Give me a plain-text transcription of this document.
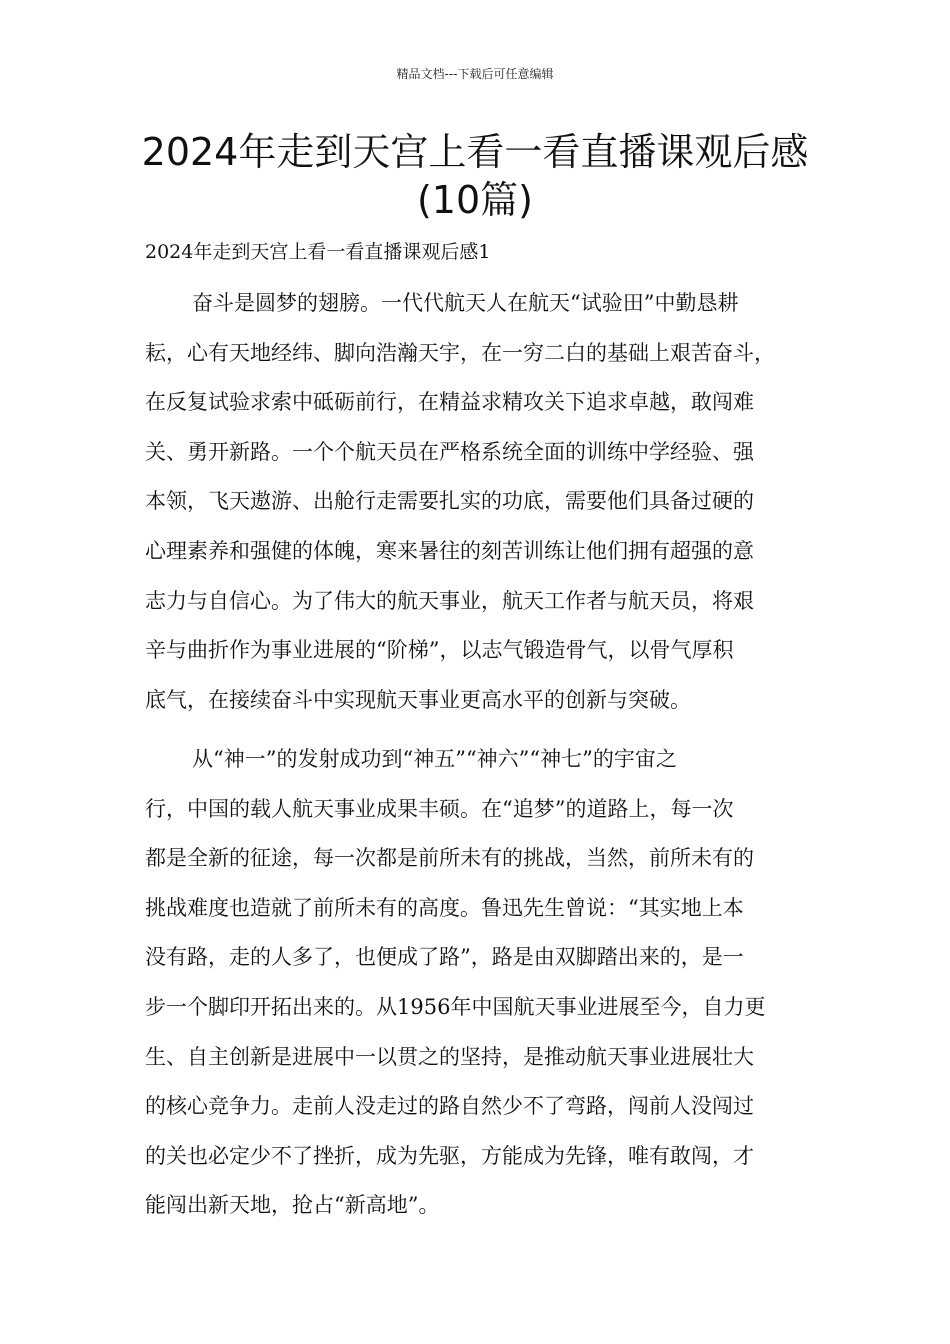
精品文档---下载后可任意编辑
2024年走到天宫上看一看直播课观后感
(10篇)
2024年走到天宫上看一看直播课观后感1
奋斗是圆梦的翅膀。一代代航天人在航天“试验田”中勤恳耕
耘，心有天地经纬、脚向浩瀚天宇，在一穷二白的基础上艰苦奋斗，
在反复试验求索中砥砺前行，在精益求精攻关下追求卓越，敢闯难
关、勇开新路。一个个航天员在严格系统全面的训练中学经验、强
本领，飞天遨游、出舱行走需要扎实的功底，需要他们具备过硬的
心理素养和强健的体魄，寒来暑往的刻苦训练让他们拥有超强的意
志力与自信心。为了伟大的航天事业，航天工作者与航天员，将艰
辛与曲折作为事业进展的“阶梯”，以志气锻造骨气，以骨气厚积
底气，在接续奋斗中实现航天事业更高水平的创新与突破。
从“神一”的发射成功到“神五”“神六”“神七”的宇宙之
行，中国的载人航天事业成果丰硕。在“追梦”的道路上，每一次
都是全新的征途，每一次都是前所未有的挑战，当然，前所未有的
挑战难度也造就了前所未有的高度。鲁迅先生曾说：“其实地上本
没有路，走的人多了，也便成了路”，路是由双脚踏出来的，是一
步一个脚印开拓出来的。从1956年中国航天事业进展至今，自力更
生、自主创新是进展中一以贯之的坚持，是推动航天事业进展壮大
的核心竞争力。走前人没走过的路自然少不了弯路，闯前人没闯过
的关也必定少不了挫折，成为先驱，方能成为先锋，唯有敢闯，才
能闯出新天地，抢占“新高地”。
